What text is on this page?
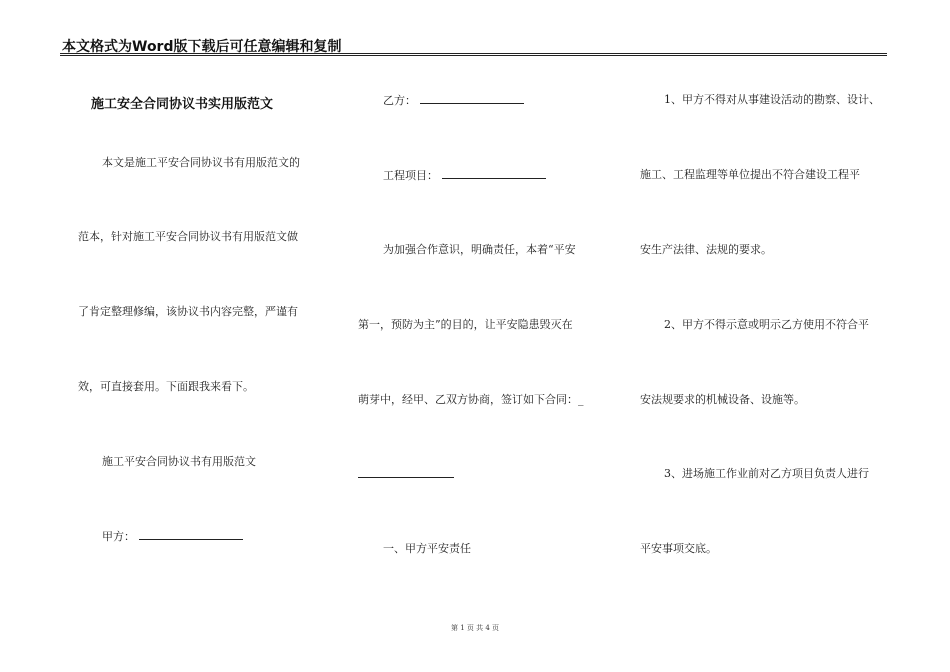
本文格式为Word版下载后可任意编辑和复制
施工安全合同协议书实用版范文
本文是施工平安合同协议书有用版范文的
范本，针对施工平安合同协议书有用版范文做
了肯定整理修编，该协议书内容完整，严谨有
效，可直接套用。下面跟我来看下。
施工平安合同协议书有用版范文
甲方：
乙方：
工程项目：
为加强合作意识，明确责任，本着“平安
第一，预防为主”的目的，让平安隐患毁灭在
萌芽中，经甲、乙双方协商，签订如下合同：_
一、甲方平安责任
1、甲方不得对从事建设活动的勘察、设计、
施工、工程监理等单位提出不符合建设工程平
安生产法律、法规的要求。
2、甲方不得示意或明示乙方使用不符合平
安法规要求的机械设备、设施等。
3、进场施工作业前对乙方项目负责人进行
平安事项交底。
第 1 页 共 4 页
